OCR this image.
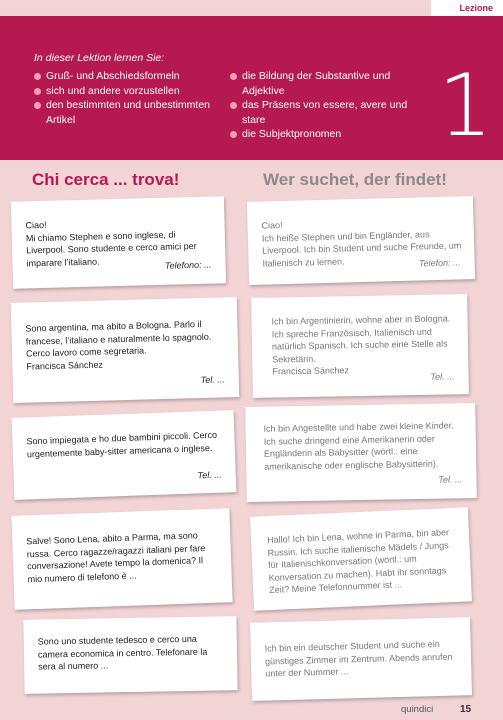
Lezione
In dieser Lektion lernen Sie:
Gruß- und Abschiedsformeln
sich und andere vorzustellen
den bestimmten und unbestimmten Artikel
die Bildung der Substantive und Adjektive
das Präsens von essere, avere und stare
die Subjektpronomen	1
Chi cerca ... trova!	Wer suchet, der findet!
Ciao!
Mi chiamo Stephen e sono inglese, di Liverpool. Sono studente e cerco amici per imparare l’italiano.	Telefono: ...
Sono argentina, ma abito a Bologna. Parlo il francese, l’italiano e naturalmente lo spagnolo. Cerco lavoro come segretaria.
Francisca Sánchez
Tel. ...
Sono impiegata e ho due bambini piccoli. Cerco urgentemente baby-sitter americana o inglese.
Tel. ...
Salve! Sono Lena, abito a Parma, ma sono russa. Cerco ragazze/ragazzi italiani per fare conversazione! Avete tempo la domenica? Il mio numero di telefono è ...
Sono uno studente tedesco e cerco una camera economica in centro. Telefonare la sera al numero ...
Ciao!
Ich heiße Stephen und bin Engländer, aus Liverpool. Ich bin Student und suche Freunde, um Italienisch zu lernen.	Telefon: ...
Ich bin Argentinierin, wohne aber in Bologna. Ich spreche Französisch, Italienisch und natürlich Spanisch. Ich suche eine Stelle als Sekretärin.
Francisca Sánchez
Tel. ...
Ich bin Angestellte und habe zwei kleine Kinder. Ich suche dringend eine Amerikanerin oder Engländerin als Babysitter (wörtl.: eine amerikanische oder englische Babysitterin).
Tel. ...
Hallo! Ich bin Lena, wohne in Parma, bin aber Russin. Ich suche italienische Mädels / Jungs für Italienischkonversation (wörtl.: um Konversation zu machen). Habt ihr sonntags Zeit? Meine Telefonnummer ist ...
Ich bin ein deutscher Student und suche ein günstiges Zimmer im Zentrum. Abends anrufen unter der Nummer ...
quindici	15
